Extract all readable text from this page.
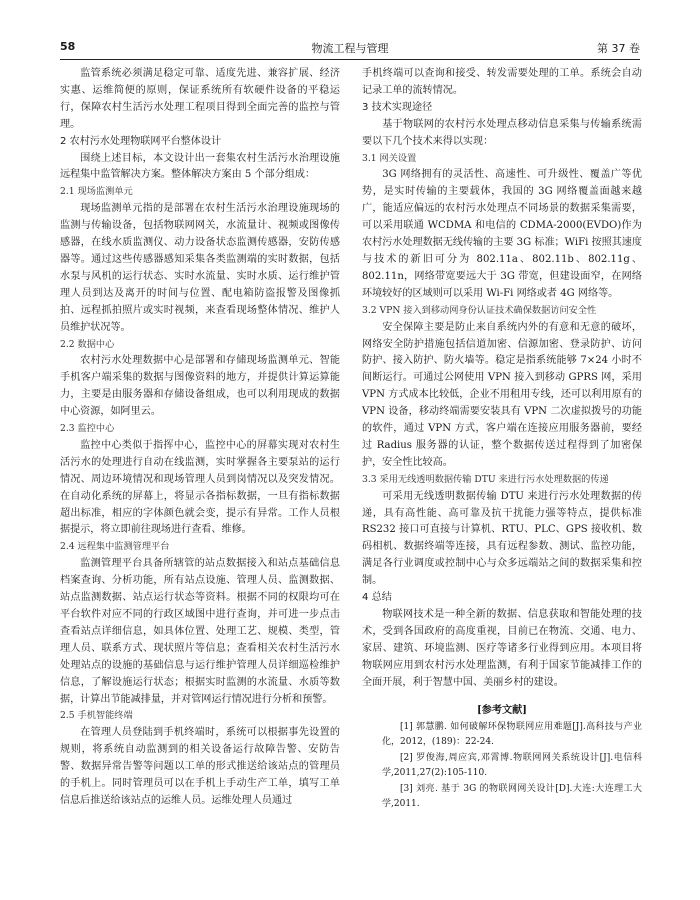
物流工程与管理
58	第 37 卷

监管系统必须满足稳定可靠、适度先进、兼容扩展、经济实惠、运维简便的原则，保证系统所有软硬件设备的平稳运行，保障农村生活污水处理工程项目得到全面完善的监控与管理。

2 农村污水处理物联网平台整体设计

围绕上述目标，本文设计出一套集农村生活污水治理设施远程集中监管解决方案。整体解决方案由 5 个部分组成：

2.1 现场监测单元

现场监测单元指的是部署在农村生活污水治理设施现场的监测与传输设备，包括物联网网关，水流量计、视频或图像传感器，在线水质监测仪、动力设备状态监测传感器，安防传感器等。通过这些传感器感知采集各类监测端的实时数据，包括水泵与风机的运行状态、实时水流量、实时水质、运行维护管理人员到达及离开的时间与位置、配电箱防盗报警及图像抓拍、远程抓拍照片或实时视频，来查看现场整体情况、维护人员维护状况等。

2.2 数据中心

农村污水处理数据中心是部署和存储现场监测单元、智能手机客户端采集的数据与图像资料的地方，并提供计算运算能力，主要是由服务器和存储设备组成，也可以利用现成的数据中心资源，如阿里云。

2.3 监控中心

监控中心类似于指挥中心，监控中心的屏幕实现对农村生活污水的处理进行自动在线监测，实时掌握各主要泵站的运行情况、周边环境情况和现场管理人员到岗情况以及突发情况。在自动化系统的屏幕上，将显示各指标数据，一旦有指标数据超出标准，相应的字体颜色就会变，提示有异常。工作人员根据提示，将立即前往现场进行查看、维修。

2.4 远程集中监测管理平台

监测管理平台具备所辖管的站点数据接入和站点基础信息档案查询、分析功能，所有站点设施、管理人员、监测数据、站点监测数据、站点运行状态等资料。根据不同的权限均可在平台软件对应不同的行政区域图中进行查询，并可进一步点击查看站点详细信息，如具体位置、处理工艺、规模、类型，管理人员、联系方式、现状照片等信息；查看相关农村生活污水处理站点的设施的基础信息与运行维护管理人员详细巡检维护信息，了解设施运行状态；根据实时监测的水流量、水质等数据，计算出节能减排量，并对管网运行情况进行分析和预警。

2.5 手机智能终端

在管理人员登陆到手机终端时，系统可以根据事先设置的规则，将系统自动监测到的相关设备运行故障告警、安防告警、数据异常告警等问题以工单的形式推送给该站点的管理员的手机上。同时管理员可以在手机上手动生产工单，填写工单信息后推送给该站点的运维人员。运维处理人员通过

手机终端可以查询和接受、转发需要处理的工单。系统会自动记录工单的流转情况。

3 技术实现途径

基于物联网的农村污水处理点移动信息采集与传输系统需要以下几个技术来得以实现：

3.1 网关设置

3G 网络拥有的灵活性、高速性、可升级性、覆盖广等优势，是实时传输的主要载体，我国的 3G 网络覆盖面越来越广，能适应偏远的农村污水处理点不同场景的数据采集需要，可以采用联通 WCDMA 和电信的 CDMA-2000(EVDO)作为农村污水处理数据无线传输的主要 3G 标准；WiFi 按照其速度与技术的新旧可分为 802.11a、802.11b、802.11g、802.11n，网络带宽要远大于 3G 带宽，但建设面窄，在网络环境较好的区域则可以采用 Wi-Fi 网络或者 4G 网络等。

3.2 VPN 接入到移动网身份认证技术确保数据访问安全性

安全保障主要是防止来自系统内外的有意和无意的破坏，网络安全防护措施包括信道加密、信源加密、登录防护、访问防护、接入防护、防火墙等。稳定是指系统能够 7×24 小时不间断运行。可通过公网使用 VPN 接入到移动 GPRS 网，采用 VPN 方式成本比较低，企业不用租用专线，还可以利用原有的 VPN 设备，移动终端需要安装具有 VPN 二次虚拟拨号的功能的软件，通过 VPN 方式，客户端在连接应用服务器前，要经过 Radius 服务器的认证，整个数据传送过程得到了加密保护，安全性比较高。

3.3 采用无线透明数据传输 DTU 来进行污水处理数据的传递

可采用无线透明数据传输 DTU 来进行污水处理数据的传递，具有高性能、高可靠及抗干扰能力强等特点，提供标准 RS232 接口可直接与计算机、RTU、PLC、GPS 接收机、数码相机、数据终端等连接，具有远程参数、测试、监控功能，满足各行业调度或控制中心与众多远端站之间的数据采集和控制。

4 总结

物联网技术是一种全新的数据、信息获取和智能处理的技术，受到各国政府的高度重视，目前已在物流、交通、电力、家居、建筑、环境监测、医疗等诸多行业得到应用。本项目将物联网应用到农村污水处理监测，有利于国家节能减排工作的全面开展，利于智慧中国、美丽乡村的建设。

[参考文献]

[1] 郭慧鹏. 如何破解环保物联网应用难题[J].高科技与产业化，2012，(189)：22-24.

[2] 罗俊海,周应宾,邓霄博.物联网网关系统设计[J].电信科学,2011,27(2):105-110.

[3] 刘亮. 基于 3G 的物联网网关设计[D].大连:大连理工大学,2011.
